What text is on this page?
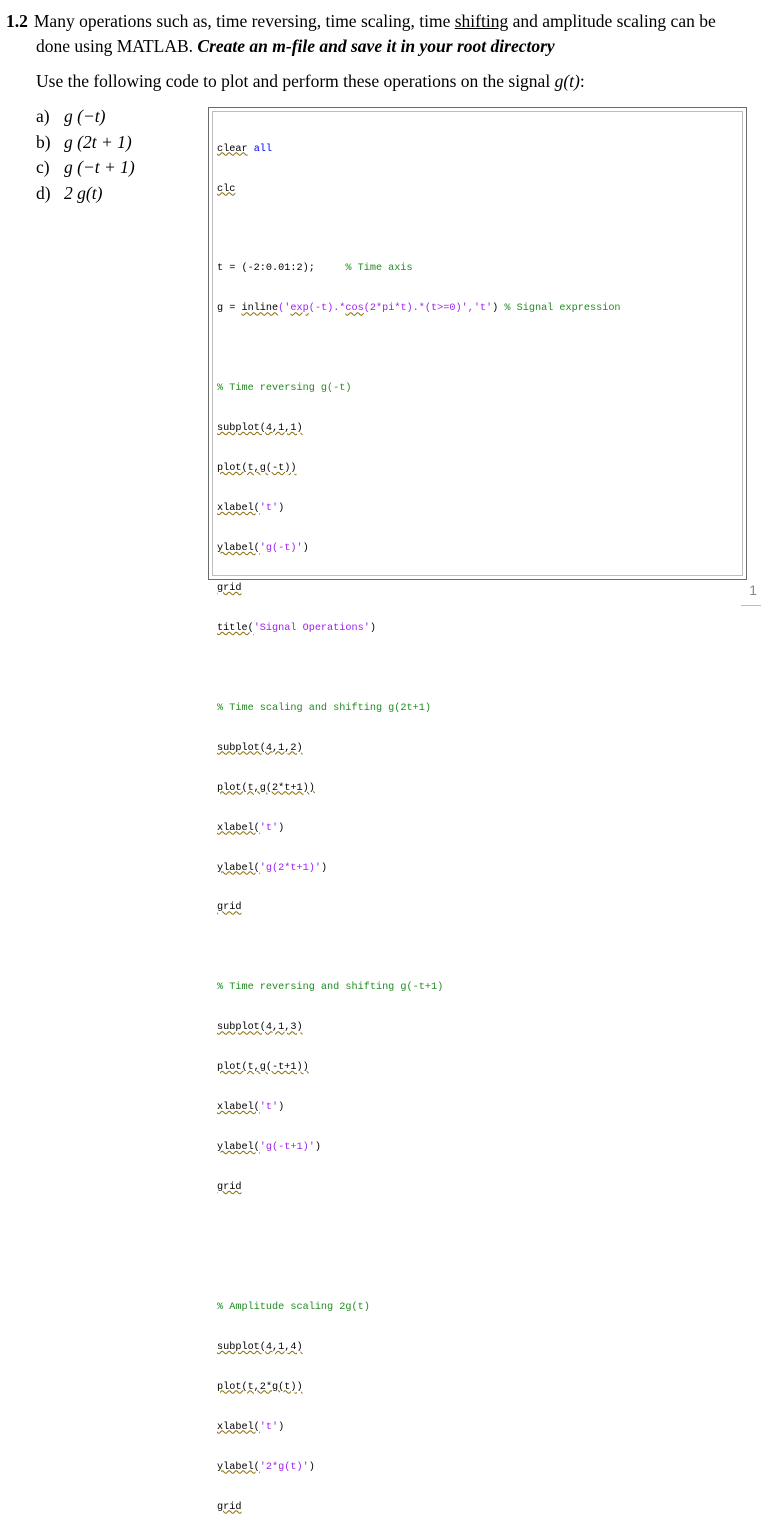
1.2 Many operations such as, time reversing, time scaling, time shifting and amplitude scaling can be
done using MATLAB. Create an m-file and save it in your root directory
Use the following code to plot and perform these operations on the signal g(t):
a) g (−t)
b) g (2t + 1)
c) g (−t + 1)
d) 2 g(t)

clear all

clc

t = (-2:0.01:2);     % Time axis

g = inline('exp(-t).*cos(2*pi*t).*(t>=0)','t') % Signal expression

% Time reversing g(-t)

subplot(4,1,1)

plot(t,g(-t))

xlabel('t')

ylabel('g(-t)')

grid

title('Signal Operations')

% Time scaling and shifting g(2t+1)

subplot(4,1,2)

plot(t,g(2*t+1))

xlabel('t')

ylabel('g(2*t+1)')

grid

% Time reversing and shifting g(-t+1)

subplot(4,1,3)

plot(t,g(-t+1))

xlabel('t')

ylabel('g(-t+1)')

grid

% Amplitude scaling 2g(t)

subplot(4,1,4)

plot(t,2*g(t))

xlabel('t')

ylabel('2*g(t)')

grid

1
